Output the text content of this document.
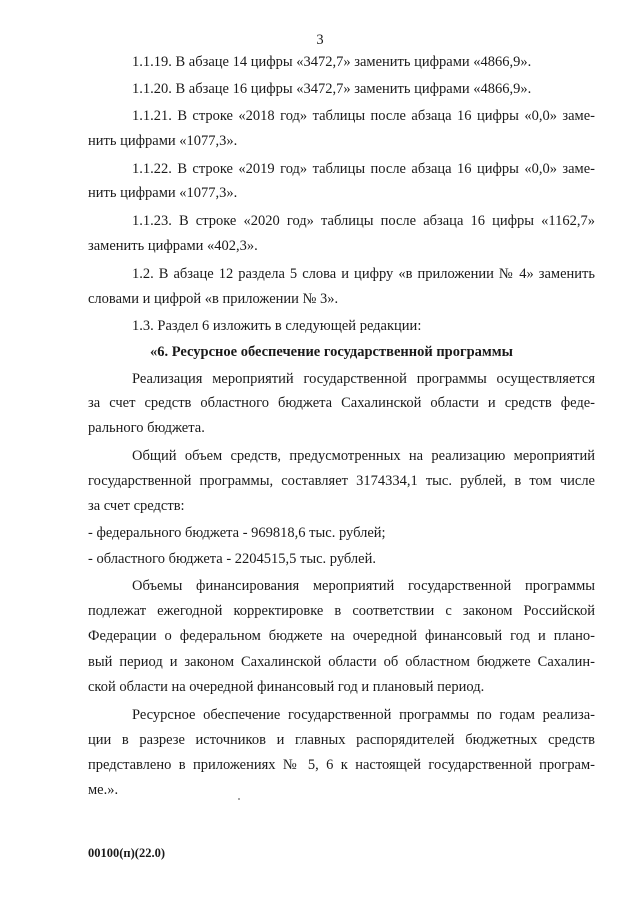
3

1.1.19. В абзаце 14 цифры «3472,7» заменить цифрами «4866,9».

1.1.20. В абзаце 16 цифры «3472,7» заменить цифрами «4866,9».

1.1.21. В строке «2018 год» таблицы после абзаца 16 цифры «0,0» заме-

нить цифрами «1077,3».

1.1.22. В строке «2019 год» таблицы после абзаца 16 цифры «0,0» заме-

нить цифрами «1077,3».

1.1.23. В строке «2020 год» таблицы после абзаца 16 цифры «1162,7»

заменить цифрами «402,3».

1.2. В абзаце 12 раздела 5 слова и цифру «в приложении № 4» заменить

словами и цифрой «в приложении № 3».

1.3. Раздел 6 изложить в следующей редакции:

«6. Ресурсное обеспечение государственной программы

Реализация мероприятий государственной программы осуществляется

за счет средств областного бюджета Сахалинской области и средств феде-

рального бюджета.

Общий объем средств, предусмотренных на реализацию мероприятий

государственной программы, составляет 3174334,1 тыс. рублей, в том числе

за счет средств:

- федерального бюджета - 969818,6 тыс. рублей;

- областного бюджета - 2204515,5 тыс. рублей.

Объемы финансирования мероприятий государственной программы

подлежат ежегодной корректировке в соответствии с законом Российской

Федерации о федеральном бюджете на очередной финансовый год и плано-

вый период и законом Сахалинской области об областном бюджете Сахалин-

ской области на очередной финансовый год и плановый период.

Ресурсное обеспечение государственной программы по годам реализа-

ции в разрезе источников и главных распорядителей бюджетных средств

представлено в приложениях № 5, 6 к настоящей государственной програм-

ме.».

00100(п)(22.0)
